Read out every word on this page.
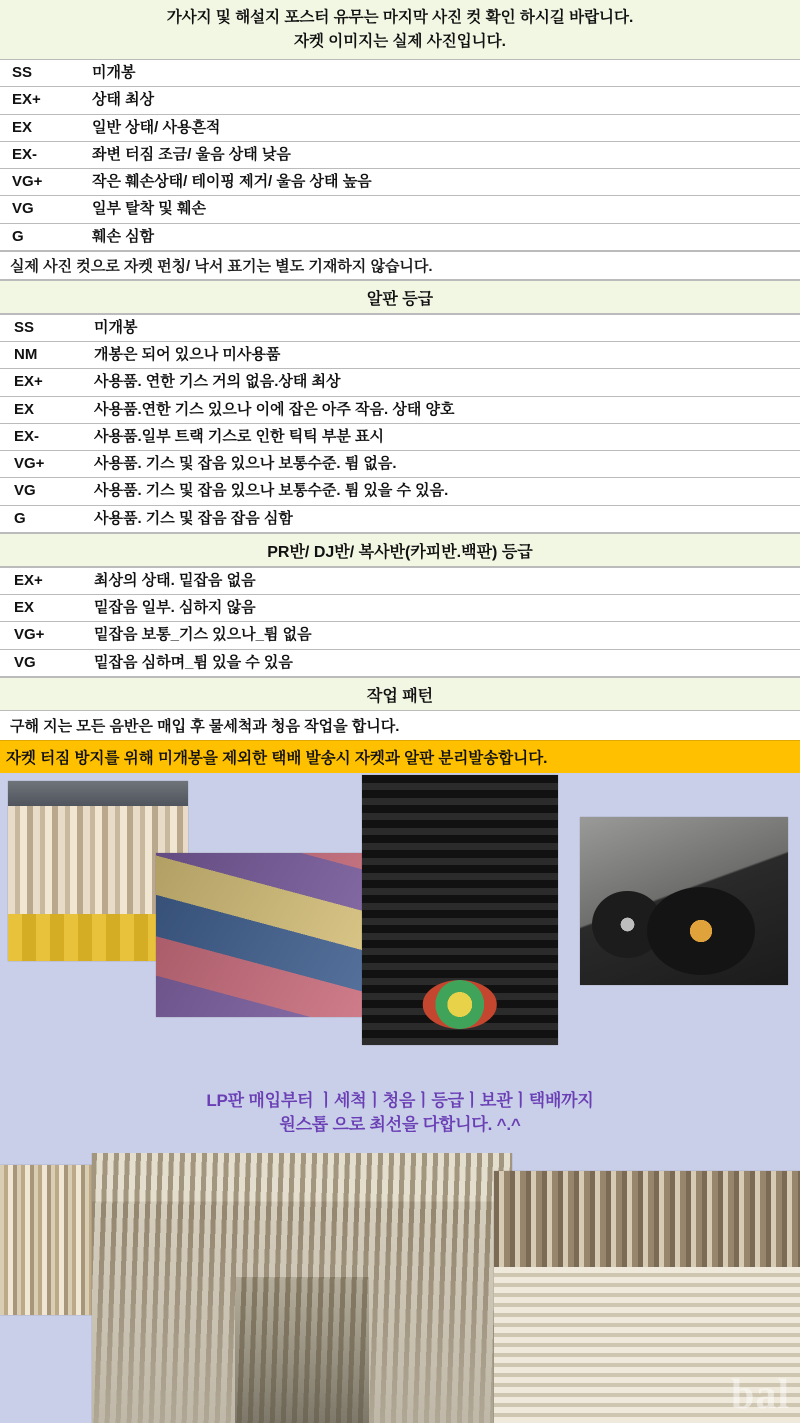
가사지 및 해설지 포스터 유무는 마지막 사진 컷 확인 하시길 바랍니다.
자켓 이미지는 실제 사진입니다.
SS	미개봉
EX+	상태 최상
EX	일반 상태/ 사용흔적
EX-	좌변 터짐 조금/ 울음 상태 낮음
VG+	작은 훼손상태/ 테이핑 제거/ 울음 상태 높음
VG	일부 탈착 및 훼손
G	훼손 심함
실제 사진 컷으로 자켓 펀칭/ 낙서 표기는 별도 기재하지 않습니다.
알판 등급
SS	미개봉
NM	개봉은 되어 있으나 미사용품
EX+	사용품. 연한 기스 거의 없음.상태 최상
EX	사용품.연한 기스 있으나 이에 잡은 아주 작음. 상태 양호
EX-	사용품.일부 트랙 기스로 인한 틱틱 부분 표시
VG+	사용품. 기스 및 잡음 있으나 보통수준. 튐 없음.
VG	사용품. 기스 및 잡음 있으나 보통수준. 튐 있을 수 있음.
G	사용품. 기스 및 잡음 잡음 심함
PR반/ DJ반/ 복사반(카피반.백판) 등급
EX+	최상의 상태. 밑잡음 없음
EX	밑잡음 일부. 심하지 않음
VG+	밑잡음 보통_기스 있으나_튐 없음
VG	밑잡음 심하며_튐 있을 수 있음
작업 패턴
구해 지는 모든 음반은 매입 후 물세척과 청음 작업을 합니다.
자켓 터짐 방지를 위해 미개봉을 제외한 택배 발송시 자켓과 알판 분리발송합니다.
LP판 매입부터 ㅣ세척ㅣ청음ㅣ등급ㅣ보관ㅣ택배까지
원스톱 으로 최선을 다합니다. ^.^
bal
